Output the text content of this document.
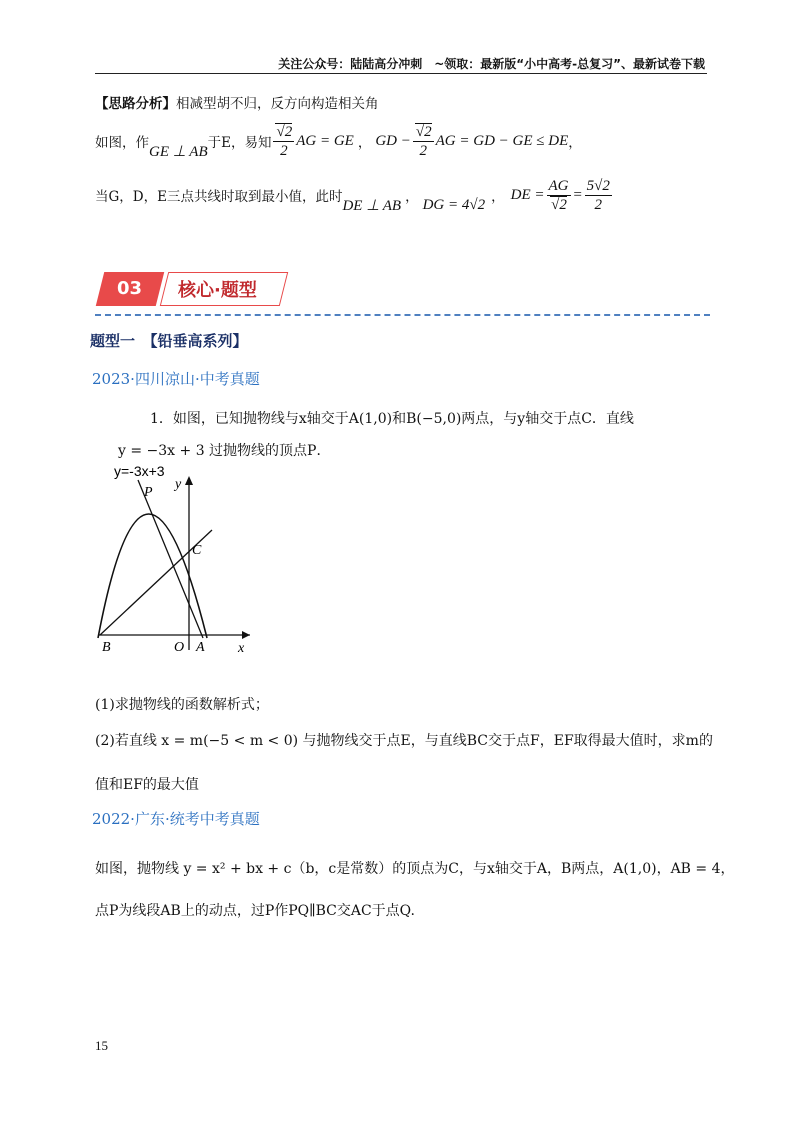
关注公众号：陆陆高分冲刺　~领取：最新版“小中高考-总复习”、最新试卷下载
【思路分析】相减型胡不归，反方向构造相关角
如图，作
GE ⊥ AB
于E，易知 $\frac{√2}{2}$ AG = GE ， GD − $\frac{√2}{2}$ AG = GD − GE ≤ DE ，
当G，D，E三点共线时取到最小值，此时
DE ⊥ AB
， DG = 4√2 ， DE = $\frac{AG}{√2} = \frac{5√2}{2}$
03	核心·题型
题型一　【铅垂高系列】
2023·四川凉山·中考真题
1．如图，已知抛物线与x轴交于A(1,0)和B(−5,0)两点，与y轴交于点C．直线
y = −3x + 3 过抛物线的顶点P．
y=-3x+3
P
C
B	O A x
y
(1)求抛物线的函数解析式；
(2)若直线 x = m(−5 < m < 0) 与抛物线交于点E，与直线BC交于点F，EF取得最大值时，求m的
值和EF的最大值
2022·广东·统考中考真题
如图，抛物线 y = x² + bx + c（b，c是常数）的顶点为C，与x轴交于A，B两点，A(1,0)，AB = 4，
点P为线段AB上的动点，过P作PQ∥BC交AC于点Q.
15
